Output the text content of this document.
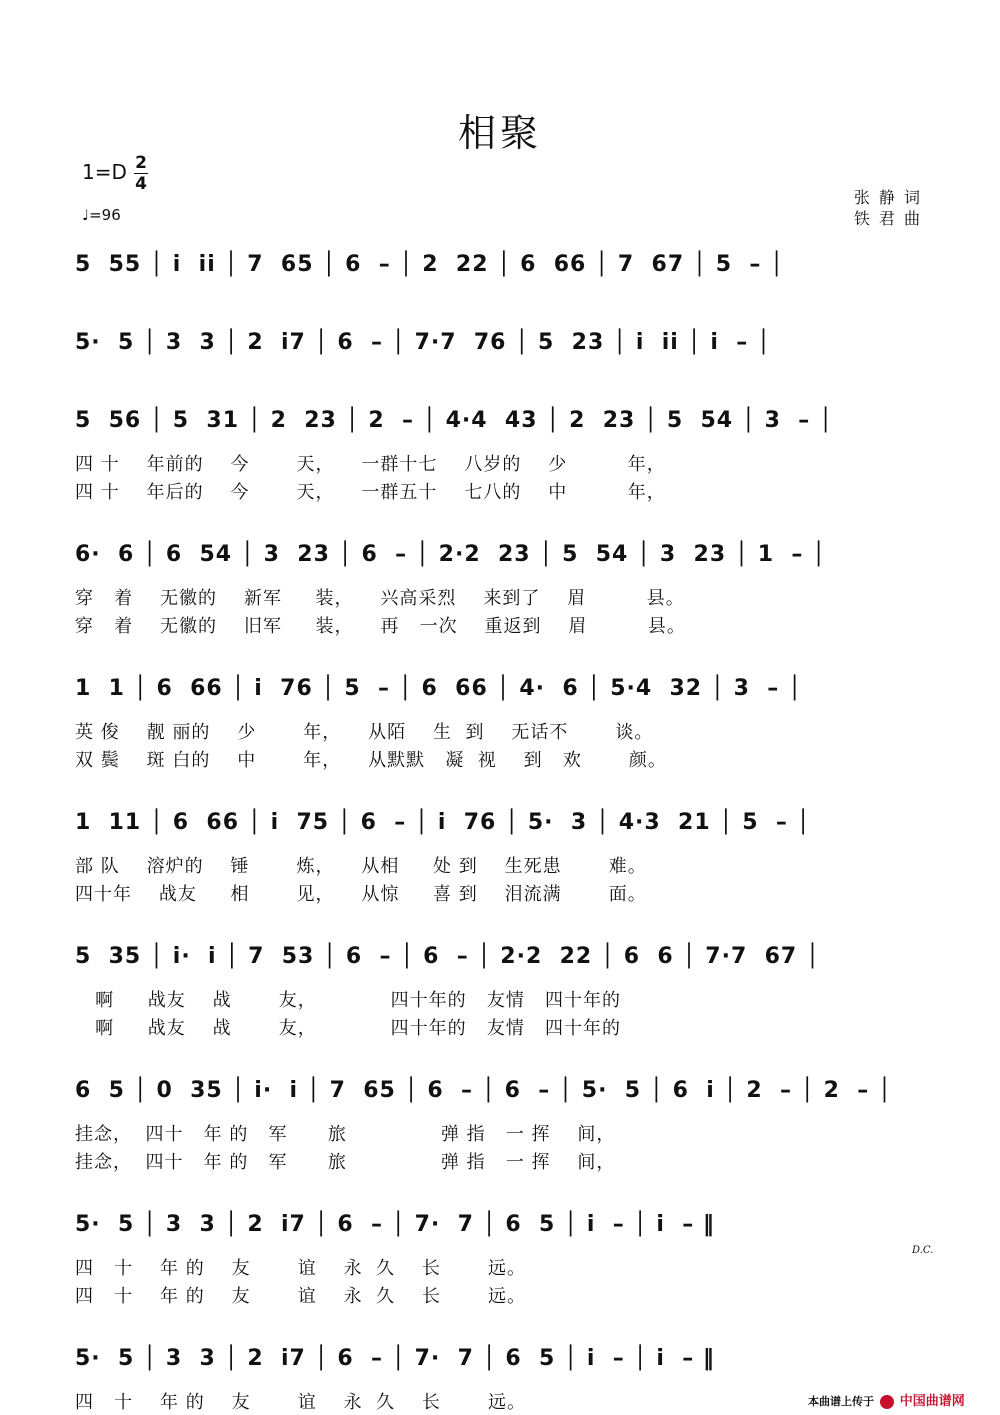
相聚
1=D 2
4
♩=96
张 静 词
铁 君 曲
5  55 │ i  ii │ 7  65 │ 6  – │ 2  22 │ 6  66 │ 7  67 │ 5  – │
5·  5 │ 3  3 │ 2  i7 │ 6  – │ 7·7  76 │ 5  23 │ i  ii │ i  – │
5  56 │ 5  31 │ 2  23 │ 2  – │ 4·4  43 │ 2  23 │ 5  54 │ 3  – │
四 十    年前的    今       天，    一群十七    八岁的    少         年，
四 十    年后的    今       天，    一群五十    七八的    中         年，
6·  6 │ 6  54 │ 3  23 │ 6  – │ 2·2  23 │ 5  54 │ 3  23 │ 1  – │
穿   着    无徽的    新军     装，    兴高采烈    来到了    眉         县。
穿   着    无徽的    旧军     装，    再   一次    重返到    眉         县。
1  1 │ 6  66 │ i  76 │ 5  – │ 6  66 │ 4·  6 │ 5·4  32 │ 3  – │
英 俊    靓 丽的    少       年，    从陌    生  到    无话不       谈。
双 鬓    斑 白的    中       年，    从默默   凝  视    到   欢       颜。
1  11 │ 6  66 │ i  75 │ 6  – │ i  76 │ 5·  3 │ 4·3  21 │ 5  – │
部 队    溶炉的    锤       炼，    从相     处 到    生死患       难。
四十年    战友     相       见，    从惊     喜 到    泪流满       面。
5  35 │ i·  i │ 7  53 │ 6  – │ 6  – │ 2·2  22 │ 6  6 │ 7·7  67 │
啊     战友    战       友，           四十年的   友情   四十年的
啊     战友    战       友，           四十年的   友情   四十年的
6  5 │ 0  35 │ i·  i │ 7  65 │ 6  – │ 6  – │ 5·  5 │ 6  i │ 2  – │ 2  – │
挂念，  四十   年 的   军      旅              弹 指   一 挥    间，
挂念，  四十   年 的   军      旅              弹 指   一 挥    间，
5·  5 │ 3  3 │ 2  i7 │ 6  – │ 7·  7 │ 6  5 │ i  – │ i  – ‖
四   十    年 的    友       谊    永  久    长       远。
四   十    年 的    友       谊    永  久    长       远。
D.C.
5·  5 │ 3  3 │ 2  i7 │ 6  – │ 7·  7 │ 6  5 │ i  – │ i  – ‖
四   十    年 的    友       谊    永  久    长       远。	本曲谱上传于 中国曲谱网
